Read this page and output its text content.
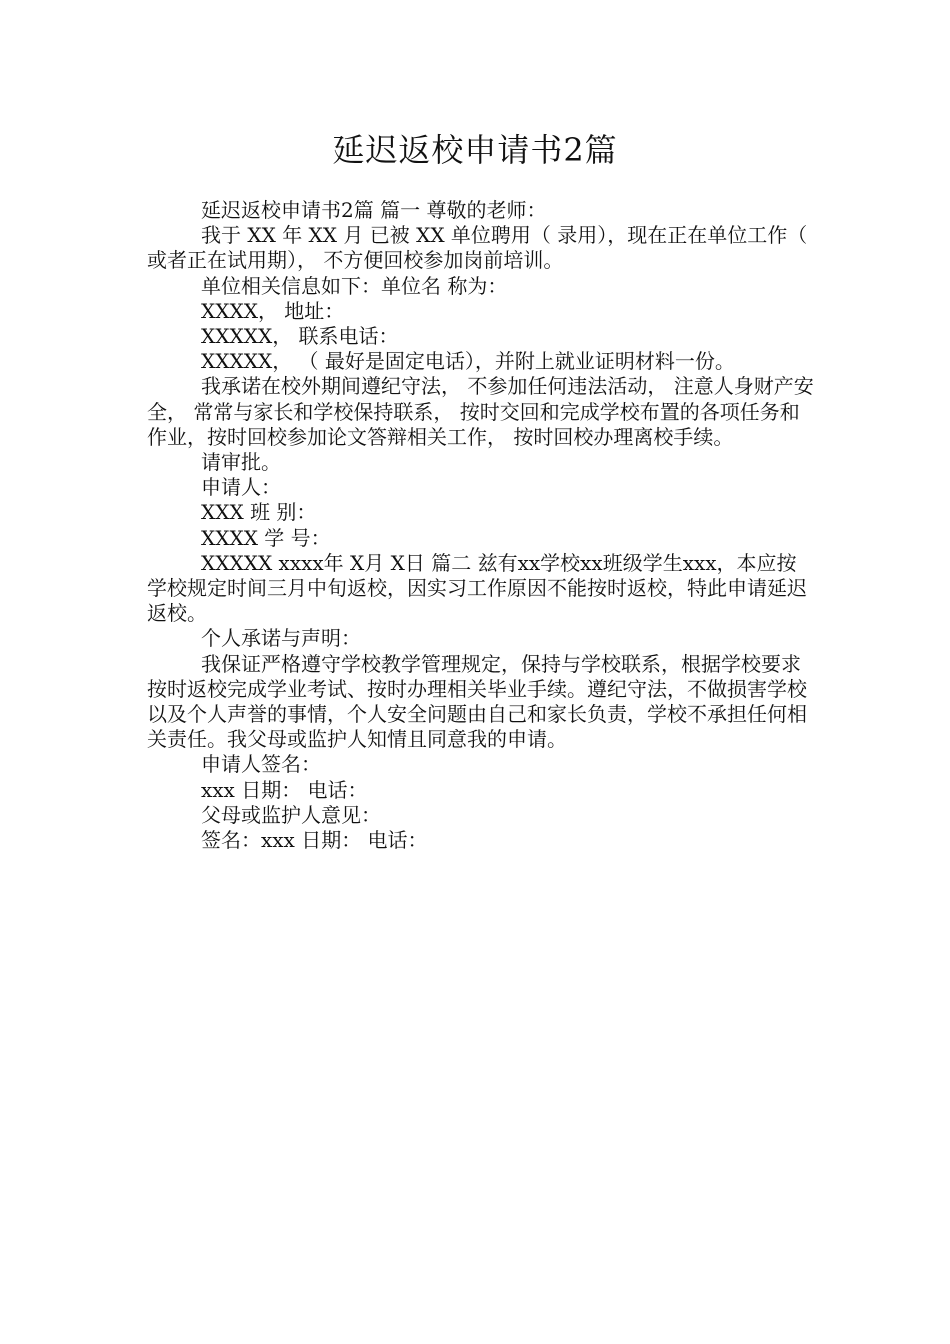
延迟返校申请书2篇

延迟返校申请书2篇 篇一 尊敬的老师：

我于 XX 年 XX 月 已被 XX 单位聘用（ 录用），现在正在单位工作（ 或者正在试用期）， 不方便回校参加岗前培训。

单位相关信息如下：单位名 称为：

XXXX， 地址：

XXXXX， 联系电话：

XXXXX， （ 最好是固定电话），并附上就业证明材料一份。

我承诺在校外期间遵纪守法， 不参加任何违法活动， 注意人身财产安全， 常常与家长和学校保持联系， 按时交回和完成学校布置的各项任务和作业，按时回校参加论文答辩相关工作， 按时回校办理离校手续。

请审批。

申请人：

XXX 班 别：

XXXX 学 号：

XXXXX xxxx年 X月 X日 篇二 兹有xx学校xx班级学生xxx，本应按学校规定时间三月中旬返校，因实习工作原因不能按时返校，特此申请延迟返校。

个人承诺与声明：

我保证严格遵守学校教学管理规定，保持与学校联系，根据学校要求按时返校完成学业考试、按时办理相关毕业手续。遵纪守法，不做损害学校以及个人声誉的事情，个人安全问题由自己和家长负责，学校不承担任何相关责任。我父母或监护人知情且同意我的申请。

申请人签名：

xxx 日期： 电话：

父母或监护人意见：

签名：xxx 日期： 电话：
